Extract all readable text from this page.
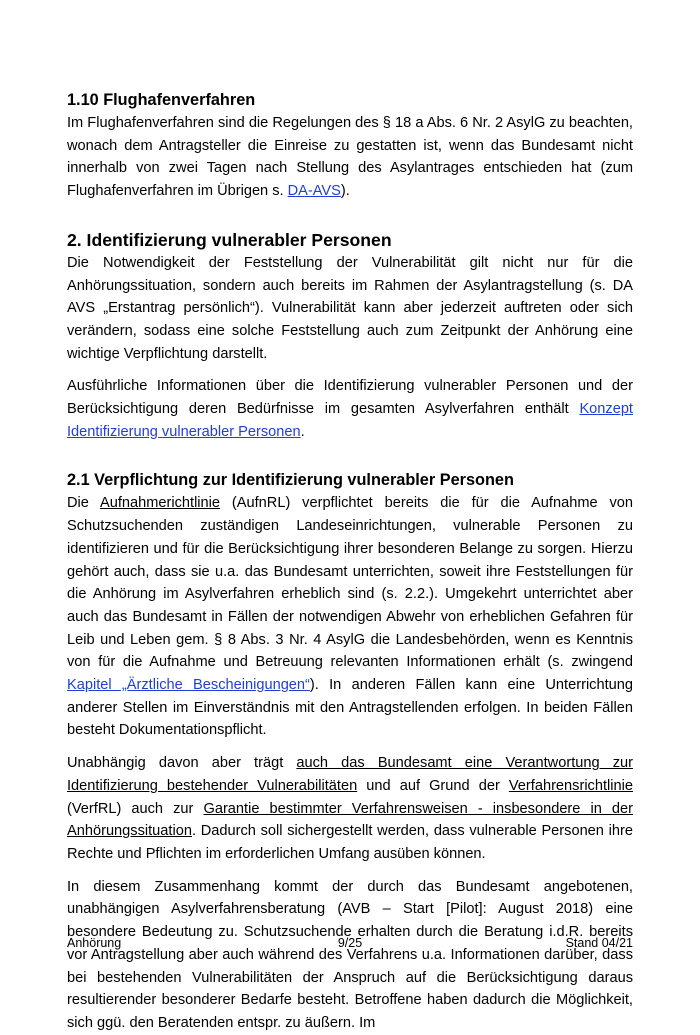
1.10 Flughafenverfahren

Im Flughafenverfahren sind die Regelungen des § 18 a Abs. 6 Nr. 2 AsylG zu beachten, wonach dem Antragsteller die Einreise zu gestatten ist, wenn das Bundesamt nicht innerhalb von zwei Tagen nach Stellung des Asylantrages entschieden hat (zum Flughafenverfahren im Übrigen s. DA-AVS).

2. Identifizierung vulnerabler Personen

Die Notwendigkeit der Feststellung der Vulnerabilität gilt nicht nur für die Anhörungssituation, sondern auch bereits im Rahmen der Asylantragstellung (s. DA AVS „Erstantrag persönlich“). Vulnerabilität kann aber jederzeit auftreten oder sich verändern, sodass eine solche Feststellung auch zum Zeitpunkt der Anhörung eine wichtige Verpflichtung darstellt.

Ausführliche Informationen über die Identifizierung vulnerabler Personen und der Berücksichtigung deren Bedürfnisse im gesamten Asylverfahren enthält Konzept Identifizierung vulnerabler Personen.

2.1 Verpflichtung zur Identifizierung vulnerabler Personen

Die Aufnahmerichtlinie (AufnRL) verpflichtet bereits die für die Aufnahme von Schutzsuchenden zuständigen Landeseinrichtungen, vulnerable Personen zu identifizieren und für die Berücksichtigung ihrer besonderen Belange zu sorgen. Hierzu gehört auch, dass sie u.a. das Bundesamt unterrichten, soweit ihre Feststellungen für die Anhörung im Asylverfahren erheblich sind (s. 2.2.). Umgekehrt unterrichtet aber auch das Bundesamt in Fällen der notwendigen Abwehr von erheblichen Gefahren für Leib und Leben gem. § 8 Abs. 3 Nr. 4 AsylG die Landesbehörden, wenn es Kenntnis von für die Aufnahme und Betreuung relevanten Informationen erhält (s. zwingend Kapitel „Ärztliche Bescheinigungen“). In anderen Fällen kann eine Unterrichtung anderer Stellen im Einverständnis mit den Antragstellenden erfolgen. In beiden Fällen besteht Dokumentationspflicht.

Unabhängig davon aber trägt auch das Bundesamt eine Verantwortung zur Identifizierung bestehender Vulnerabilitäten und auf Grund der Verfahrensrichtlinie (VerfRL) auch zur Garantie bestimmter Verfahrensweisen - insbesondere in der Anhörungssituation. Dadurch soll sichergestellt werden, dass vulnerable Personen ihre Rechte und Pflichten im erforderlichen Umfang ausüben können.

In diesem Zusammenhang kommt der durch das Bundesamt angebotenen, unabhängigen Asylverfahrensberatung (AVB – Start [Pilot]: August 2018) eine besondere Bedeutung zu. Schutzsuchende erhalten durch die Beratung i.d.R. bereits vor Antragstellung aber auch während des Verfahrens u.a. Informationen darüber, dass bei bestehenden Vulnerabilitäten der Anspruch auf die Berücksichtigung daraus resultierender besonderer Bedarfe besteht. Betroffene haben dadurch die Möglichkeit, sich ggü. den Beratenden entspr. zu äußern. Im

Anhörung	9/25	Stand 04/21
